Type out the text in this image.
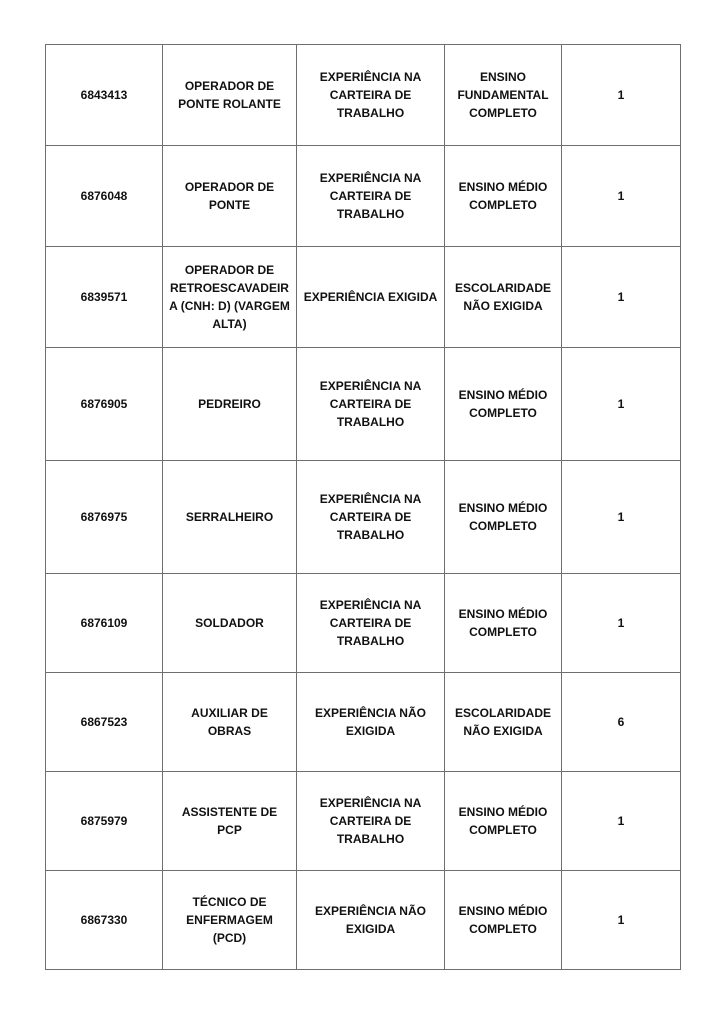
6843413	OPERADOR DE PONTE ROLANTE	EXPERIÊNCIA NA CARTEIRA DE TRABALHO	ENSINO FUNDAMENTAL COMPLETO	1
6876048	OPERADOR DE PONTE	EXPERIÊNCIA NA CARTEIRA DE TRABALHO	ENSINO MÉDIO COMPLETO	1
6839571	OPERADOR DE RETROESCAVADEIRA (CNH: D) (VARGEM ALTA)	EXPERIÊNCIA EXIGIDA	ESCOLARIDADE NÃO EXIGIDA	1
6876905	PEDREIRO	EXPERIÊNCIA NA CARTEIRA DE TRABALHO	ENSINO MÉDIO COMPLETO	1
6876975	SERRALHEIRO	EXPERIÊNCIA NA CARTEIRA DE TRABALHO	ENSINO MÉDIO COMPLETO	1
6876109	SOLDADOR	EXPERIÊNCIA NA CARTEIRA DE TRABALHO	ENSINO MÉDIO COMPLETO	1
6867523	AUXILIAR DE OBRAS	EXPERIÊNCIA NÃO EXIGIDA	ESCOLARIDADE NÃO EXIGIDA	6
6875979	ASSISTENTE DE PCP	EXPERIÊNCIA NA CARTEIRA DE TRABALHO	ENSINO MÉDIO COMPLETO	1
6867330	TÉCNICO DE ENFERMAGEM (PCD)	EXPERIÊNCIA NÃO EXIGIDA	ENSINO MÉDIO COMPLETO	1
